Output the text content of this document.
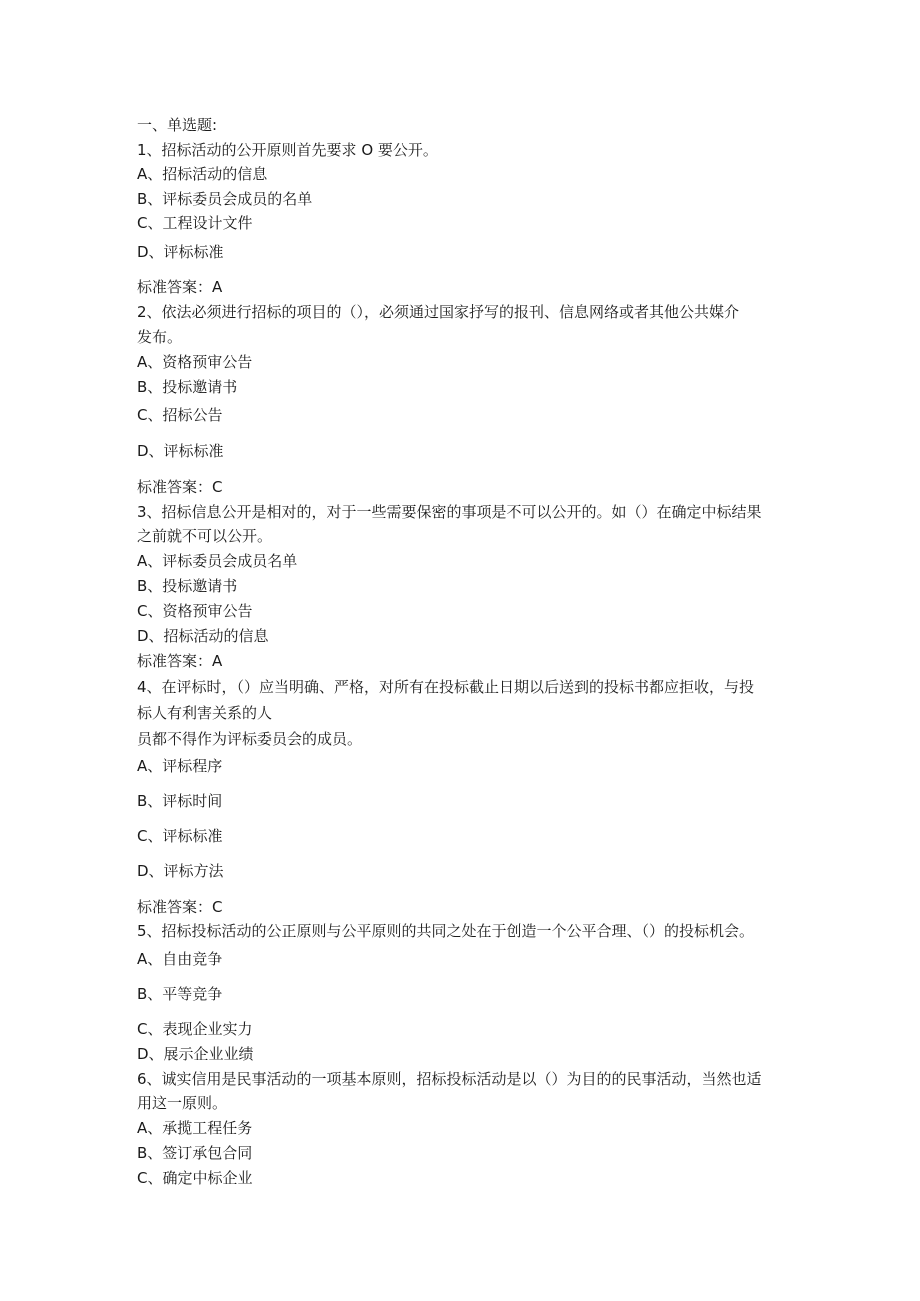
一、单选题:
1、招标活动的公开原则首先要求 O 要公开。
A、招标活动的信息
B、评标委员会成员的名单
C、工程设计文件
D、评标标准
标准答案：A
2、依法必须进行招标的项目的（），必须通过国家抒写的报刊、信息网络或者其他公共媒介
发布。
A、资格预审公告
B、投标邀请书
C、招标公告
D、评标标准
标准答案：C
3、招标信息公开是相对的，对于一些需要保密的事项是不可以公开的。如（）在确定中标结果
之前就不可以公开。
A、评标委员会成员名单
B、投标邀请书
C、资格预审公告
D、招标活动的信息
标准答案：A
4、在评标时，（）应当明确、严格，对所有在投标截止日期以后送到的投标书都应拒收，与投
标人有利害关系的人
员都不得作为评标委员会的成员。
A、评标程序
B、评标时间
C、评标标准
D、评标方法
标准答案：C
5、招标投标活动的公正原则与公平原则的共同之处在于创造一个公平合理、（）的投标机会。
A、自由竞争
B、平等竞争
C、表现企业实力
D、展示企业业绩
6、诚实信用是民事活动的一项基本原则，招标投标活动是以（）为目的的民事活动，当然也适
用这一原则。
A、承揽工程任务
B、签订承包合同
C、确定中标企业
